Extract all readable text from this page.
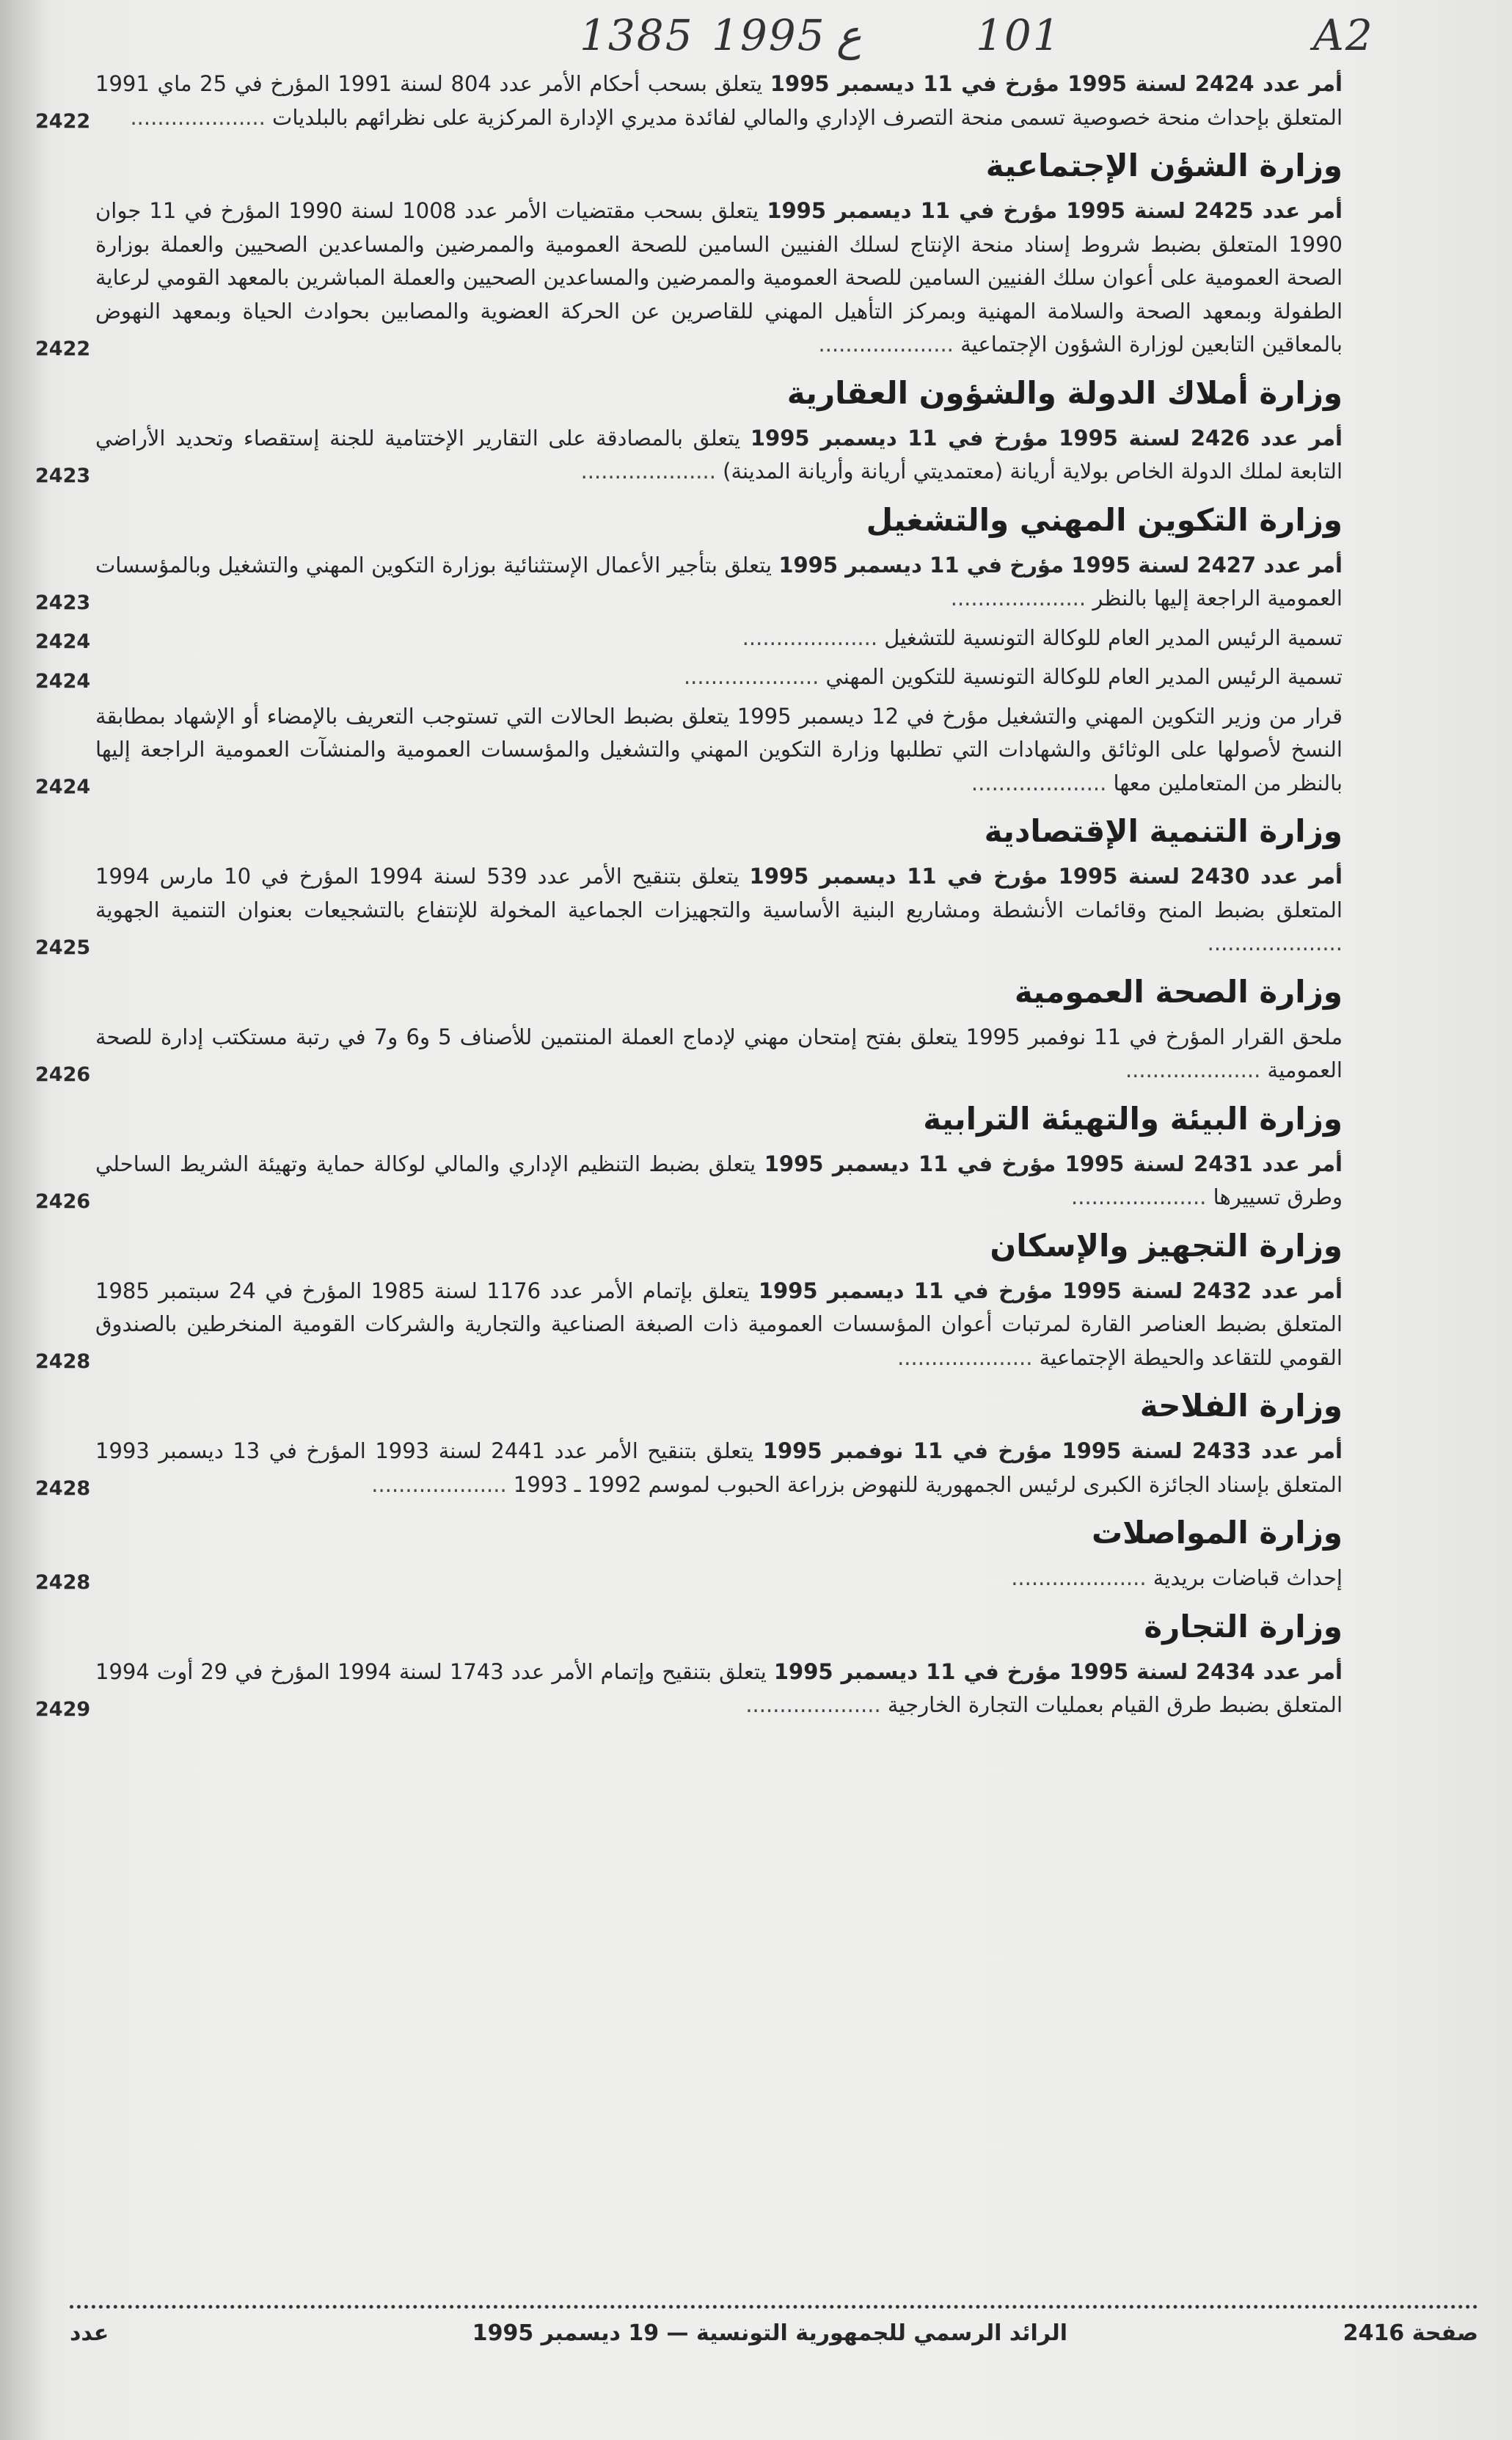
A2
101
ع
1995
1385

أمر عدد 2424 لسنة 1995 مؤرخ في 11 ديسمبر 1995 يتعلق بسحب أحكام الأمر عدد 804 لسنة 1991 المؤرخ في 25 ماي 1991 المتعلق بإحداث منحة خصوصية تسمى منحة التصرف الإداري والمالي لفائدة مديري الإدارة المركزية على نظرائهم بالبلديات ....................

2422
وزارة الشؤن الإجتماعية

أمر عدد 2425 لسنة 1995 مؤرخ في 11 ديسمبر 1995 يتعلق بسحب مقتضيات الأمر عدد 1008 لسنة 1990 المؤرخ في 11 جوان 1990 المتعلق بضبط شروط إسناد منحة الإنتاج لسلك الفنيين السامين للصحة العمومية والممرضين والمساعدين الصحيين والعملة بوزارة الصحة العمومية على أعوان سلك الفنيين السامين للصحة العمومية والممرضين والمساعدين الصحيين والعملة المباشرين بالمعهد القومي لرعاية الطفولة وبمعهد الصحة والسلامة المهنية وبمركز التأهيل المهني للقاصرين عن الحركة العضوية والمصابين بحوادث الحياة وبمعهد النهوض بالمعاقين التابعين لوزارة الشؤون الإجتماعية ....................

2422
وزارة أملاك الدولة والشؤون العقارية

أمر عدد 2426 لسنة 1995 مؤرخ في 11 ديسمبر 1995 يتعلق بالمصادقة على التقارير الإختتامية للجنة إستقصاء وتحديد الأراضي التابعة لملك الدولة الخاص بولاية أريانة (معتمديتي أريانة وأريانة المدينة) ....................

2423
وزارة التكوين المهني والتشغيل

أمر عدد 2427 لسنة 1995 مؤرخ في 11 ديسمبر 1995 يتعلق بتأجير الأعمال الإستثنائية بوزارة التكوين المهني والتشغيل وبالمؤسسات العمومية الراجعة إليها بالنظر ....................

2423

تسمية الرئيس المدير العام للوكالة التونسية للتشغيل ....................

2424

تسمية الرئيس المدير العام للوكالة التونسية للتكوين المهني ....................

2424

قرار من وزير التكوين المهني والتشغيل مؤرخ في 12 ديسمبر 1995 يتعلق بضبط الحالات التي تستوجب التعريف بالإمضاء أو الإشهاد بمطابقة النسخ لأصولها على الوثائق والشهادات التي تطلبها وزارة التكوين المهني والتشغيل والمؤسسات العمومية والمنشآت العمومية الراجعة إليها بالنظر من المتعاملين معها ....................

2424
وزارة التنمية الإقتصادية

أمر عدد 2430 لسنة 1995 مؤرخ في 11 ديسمبر 1995 يتعلق بتنقيح الأمر عدد 539 لسنة 1994 المؤرخ في 10 مارس 1994 المتعلق بضبط المنح وقائمات الأنشطة ومشاريع البنية الأساسية والتجهيزات الجماعية المخولة للإنتفاع بالتشجيعات بعنوان التنمية الجهوية ....................

2425
وزارة الصحة العمومية

ملحق القرار المؤرخ في 11 نوفمبر 1995 يتعلق بفتح إمتحان مهني لإدماج العملة المنتمين للأصناف 5 و6 و7 في رتبة مستكتب إدارة للصحة العمومية ....................

2426
وزارة البيئة والتهيئة الترابية

أمر عدد 2431 لسنة 1995 مؤرخ في 11 ديسمبر 1995 يتعلق بضبط التنظيم الإداري والمالي لوكالة حماية وتهيئة الشريط الساحلي وطرق تسييرها ....................

2426
وزارة التجهيز والإسكان

أمر عدد 2432 لسنة 1995 مؤرخ في 11 ديسمبر 1995 يتعلق بإتمام الأمر عدد 1176 لسنة 1985 المؤرخ في 24 سبتمبر 1985 المتعلق بضبط العناصر القارة لمرتبات أعوان المؤسسات العمومية ذات الصبغة الصناعية والتجارية والشركات القومية المنخرطين بالصندوق القومي للتقاعد والحيطة الإجتماعية ....................

2428
وزارة الفلاحة

أمر عدد 2433 لسنة 1995 مؤرخ في 11 نوفمبر 1995 يتعلق بتنقيح الأمر عدد 2441 لسنة 1993 المؤرخ في 13 ديسمبر 1993 المتعلق بإسناد الجائزة الكبرى لرئيس الجمهورية للنهوض بزراعة الحبوب لموسم 1992 ـ 1993 ....................

2428
وزارة المواصلات

إحداث قباضات بريدية ....................

2428
وزارة التجارة

أمر عدد 2434 لسنة 1995 مؤرخ في 11 ديسمبر 1995 يتعلق بتنقيح وإتمام الأمر عدد 1743 لسنة 1994 المؤرخ في 29 أوت 1994 المتعلق بضبط طرق القيام بعمليات التجارة الخارجية ....................

2429
صفحة 2416
الرائد الرسمي للجمهورية التونسية — 19 ديسمبر 1995
عدد
